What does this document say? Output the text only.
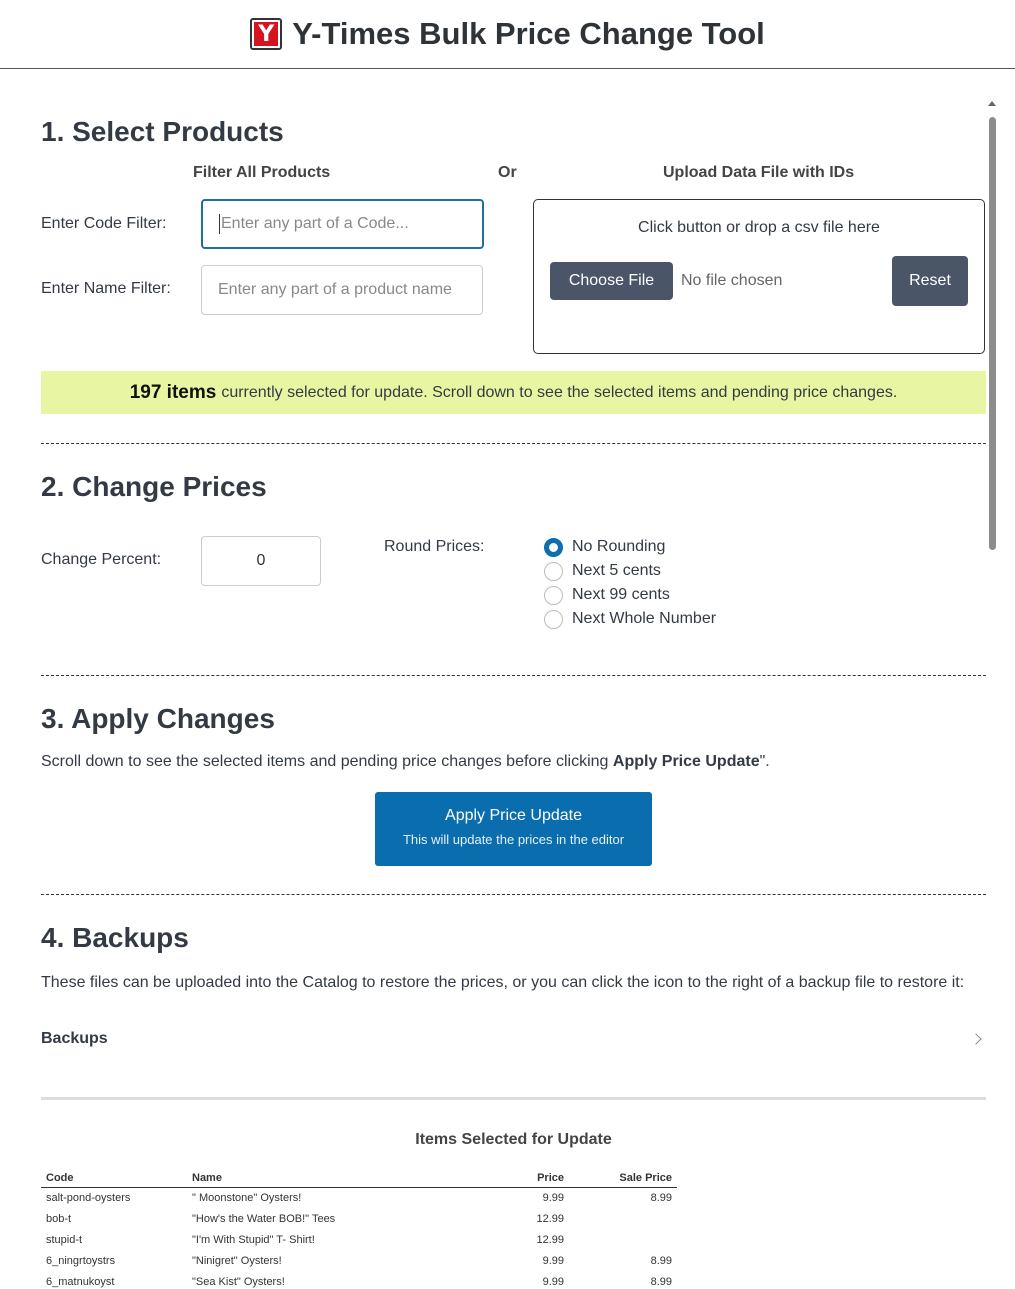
Y Y-Times Bulk Price Change Tool
1. Select Products
Filter All Products	Or	Upload Data File with IDs
Enter Code Filter:	Enter any part of a Code...
Enter Name Filter:	Enter any part of a product name
Click button or drop a csv file here
Choose File	No file chosen	Reset
197 items currently selected for update. Scroll down to see the selected items and pending price changes.
2. Change Prices
Change Percent:	0
Round Prices:	No Rounding
Next 5 cents
Next 99 cents
Next Whole Number
3. Apply Changes
Scroll down to see the selected items and pending price changes before clicking Apply Price Update".
Apply Price Update
This will update the prices in the editor
4. Backups
These files can be uploaded into the Catalog to restore the prices, or you can click the icon to the right of a backup file to restore it:
Backups
Items Selected for Update
Code	Name	Price	Sale Price
salt-pond-oysters	" Moonstone" Oysters!	9.99	8.99
bob-t	"How's the Water BOB!" Tees	12.99	
stupid-t	"I'm With Stupid" T- Shirt!	12.99	
6_ningrtoystrs	"Ninigret" Oysters!	9.99	8.99
6_matnukoyst	"Sea Kist" Oysters!	9.99	8.99
